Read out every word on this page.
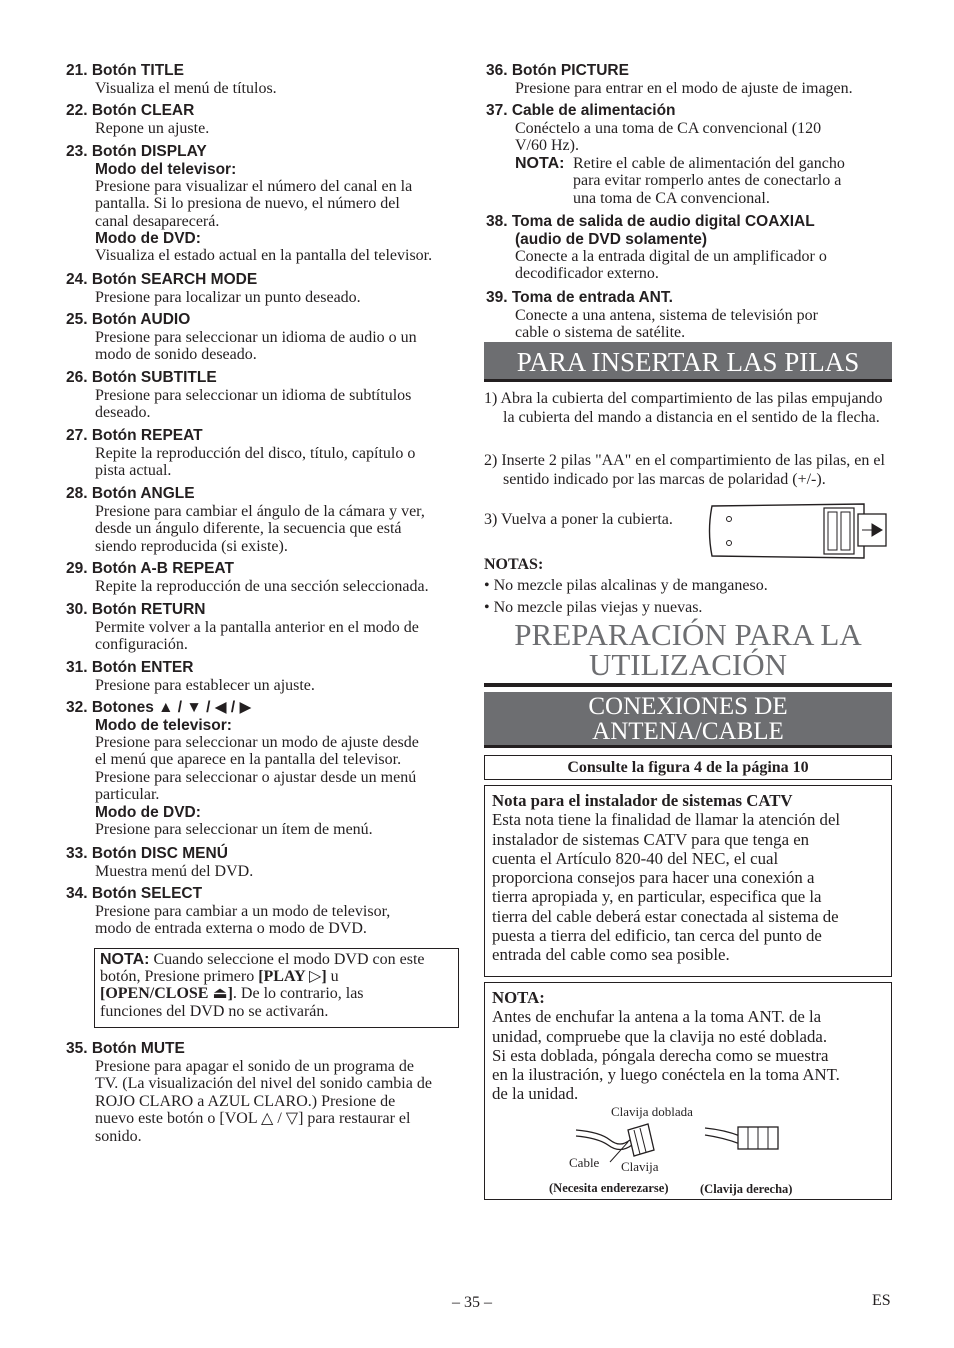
NOTA: Cuando seleccione el modo DVD con este
botón, Presione primero [PLAY ▷] u
[OPEN/CLOSE ⏏]. De lo contrario, las
funciones del DVD no se activarán.
PARA INSERTAR LAS PILAS
1) Abra la cubierta del compartimiento de las pilas empujando la cubierta del mando a distancia en el sentido de la flecha.
2) Inserte 2 pilas "AA" en el compartimiento de las pilas, en el sentido indicado por las marcas de polaridad (+/-).
3) Vuelva a poner la cubierta.
NOTAS:
• No mezcle pilas alcalinas y de manganeso.
• No mezcle pilas viejas y nuevas.
PREPARACIÓN PARA LA
UTILIZACIÓN
CONEXIONES DE
ANTENA/CABLE
Consulte la figura 4 de la página 10
Nota para el instalador de sistemas CATV
Esta nota tiene la finalidad de llamar la atención del
instalador de sistemas CATV para que tenga en
cuenta el Artículo 820-40 del NEC, el cual
proporciona consejos para hacer una conexión a
tierra apropiada y, en particular, especifica que la
tierra del cable deberá estar conectada al sistema de
puesta a tierra del edificio, tan cerca del punto de
entrada del cable como sea posible.
NOTA:
Antes de enchufar la antena a la toma ANT. de la
unidad, compruebe que la clavija no esté doblada.
Si esta doblada, póngala derecha como se muestra
en la ilustración, y luego conéctela en la toma ANT.
de la unidad.
Clavija doblada
Cable Clavija
(Necesita enderezarse)	(Clavija derecha)
– 35 –	ES
21. Botón TITLE
Visualiza el menú de títulos.
22. Botón CLEAR
Repone un ajuste.
23. Botón DISPLAY
Modo del televisor:
Presione para visualizar el número del canal en la
pantalla. Si lo presiona de nuevo, el número del
canal desaparecerá.
Modo de DVD:
Visualiza el estado actual en la pantalla del televisor.
24. Botón SEARCH MODE
Presione para localizar un punto deseado.
25. Botón AUDIO
Presione para seleccionar un idioma de audio o un
modo de sonido deseado.
26. Botón SUBTITLE
Presione para seleccionar un idioma de subtítulos
deseado.
27. Botón REPEAT
Repite la reproducción del disco, título, capítulo o
pista actual.
28. Botón ANGLE
Presione para cambiar el ángulo de la cámara y ver,
desde un ángulo diferente, la secuencia que está
siendo reproducida (si existe).
29. Botón A-B REPEAT
Repite la reproducción de una sección seleccionada.
30. Botón RETURN
Permite volver a la pantalla anterior en el modo de
configuración.
31. Botón ENTER
Presione para establecer un ajuste.
32. Botones ▲ / ▼ / ◀ / ▶
Modo de televisor:
Presione para seleccionar un modo de ajuste desde
el menú que aparece en la pantalla del televisor.
Presione para seleccionar o ajustar desde un menú
particular.
Modo de DVD:
Presione para seleccionar un ítem de menú.
33. Botón DISC MENÚ
Muestra menú del DVD.
34. Botón SELECT
Presione para cambiar a un modo de televisor,
modo de entrada externa o modo de DVD.
35. Botón MUTE
Presione para apagar el sonido de un programa de
TV. (La visualización del nivel del sonido cambia de
ROJO CLARO a AZUL CLARO.) Presione de
nuevo este botón o [VOL △ / ▽] para restaurar el
sonido.
36. Botón PICTURE
Presione para entrar en el modo de ajuste de imagen.
37. Cable de alimentación
Conéctelo a una toma de CA convencional (120
V/60 Hz).
NOTA: Retire el cable de alimentación del gancho
para evitar romperlo antes de conectarlo a
una toma de CA convencional.
38. Toma de salida de audio digital COAXIAL
(audio de DVD solamente)
Conecte a la entrada digital de un amplificador o
decodificador externo.
39. Toma de entrada ANT.
Conecte a una antena, sistema de televisión por
cable o sistema de satélite.
